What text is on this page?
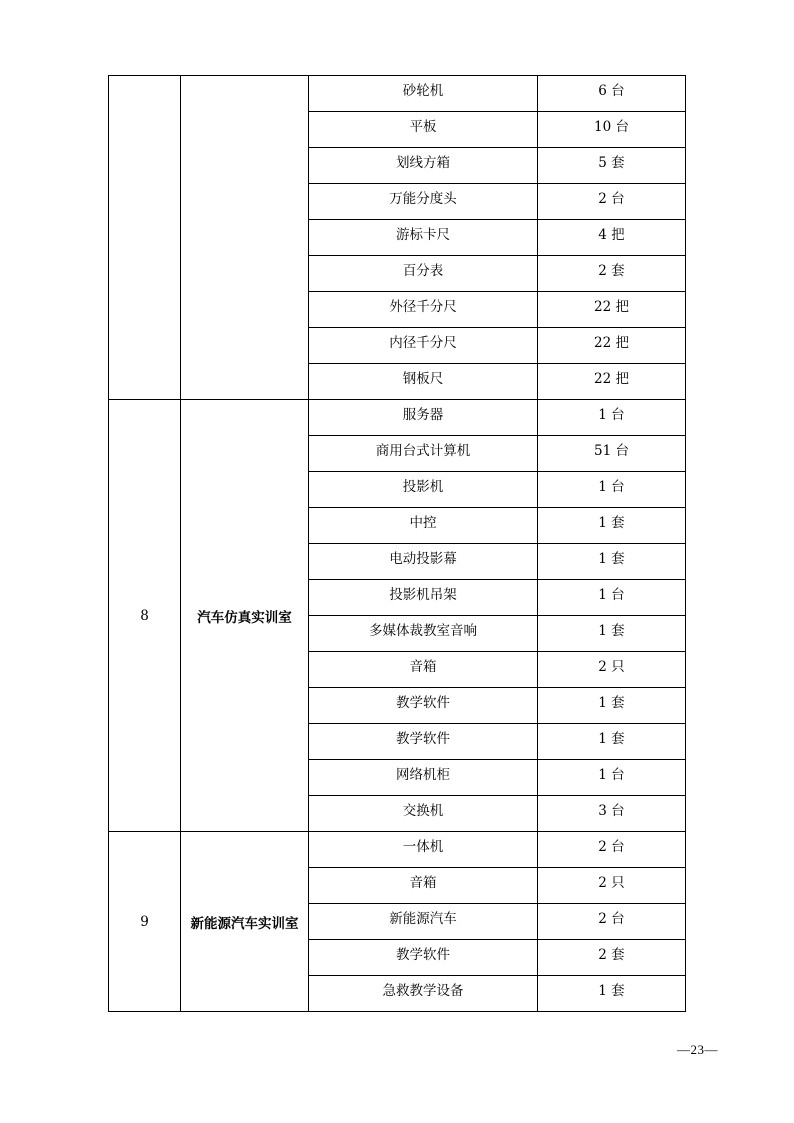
		砂轮机	6 台
		平板	10 台
		划线方箱	5 套
		万能分度头	2 台
		游标卡尺	4 把
		百分表	2 套
		外径千分尺	22 把
		内径千分尺	22 把
		钢板尺	22 把
8	汽车仿真实训室	服务器	1 台
		商用台式计算机	51 台
		投影机	1 台
		中控	1 套
		电动投影幕	1 套
		投影机吊架	1 台
		多媒体裁教室音响	1 套
		音箱	2 只
		教学软件	1 套
		教学软件	1 套
		网络机柜	1 台
		交换机	3 台
9	新能源汽车实训室	一体机	2 台
		音箱	2 只
		新能源汽车	2 台
		教学软件	2 套
		急救教学设备	1 套
—23—
